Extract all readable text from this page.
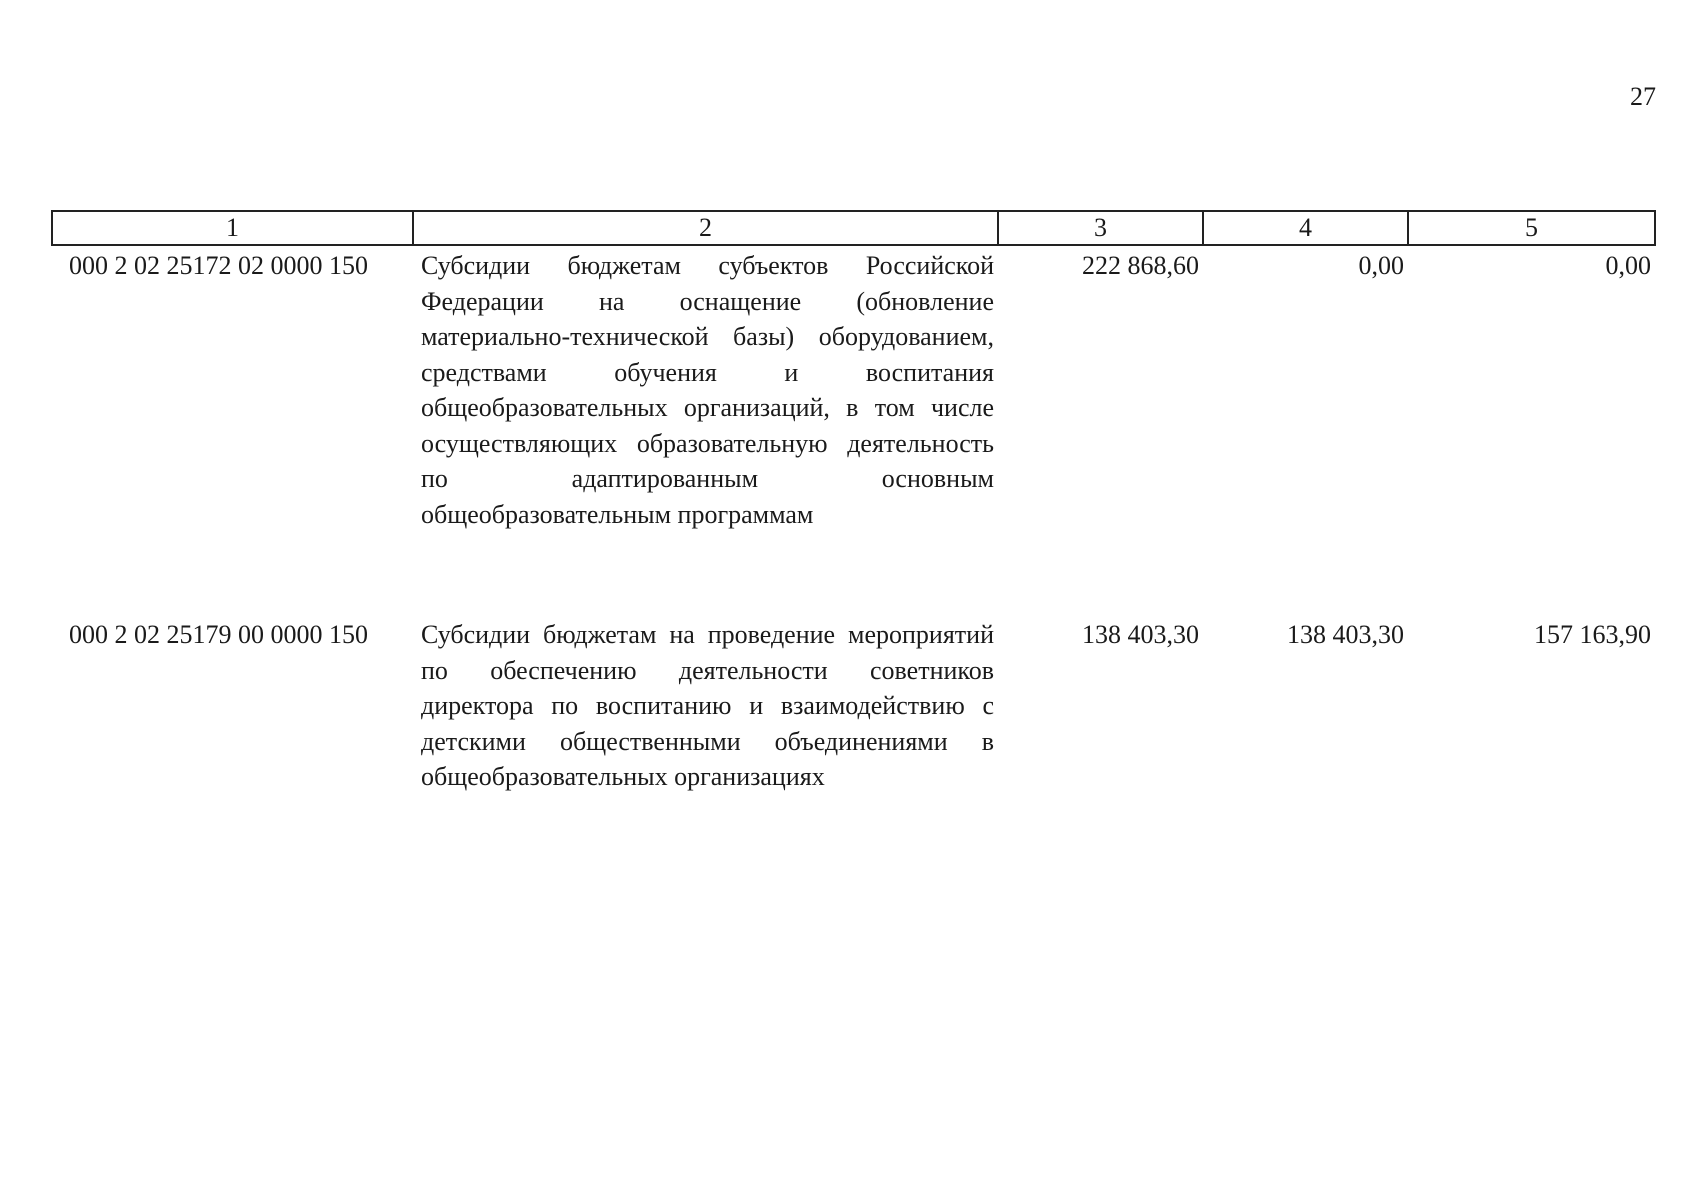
27
1	2	3	4	5
000 2 02 25172 02 0000 150	Субсидии бюджетам субъектов Российской Федерации на оснащение (обновление материально-технической базы) оборудованием, средствами обучения и воспитания общеобразовательных организаций, в том числе осуществляющих образовательную деятельность по адаптированным основным общеобразовательным программам	222 868,60	0,00	0,00
000 2 02 25179 00 0000 150	Субсидии бюджетам на проведение мероприятий по обеспечению деятельности советников директора по воспитанию и взаимодействию с детскими общественными объединениями в общеобразовательных организациях	138 403,30	138 403,30	157 163,90
